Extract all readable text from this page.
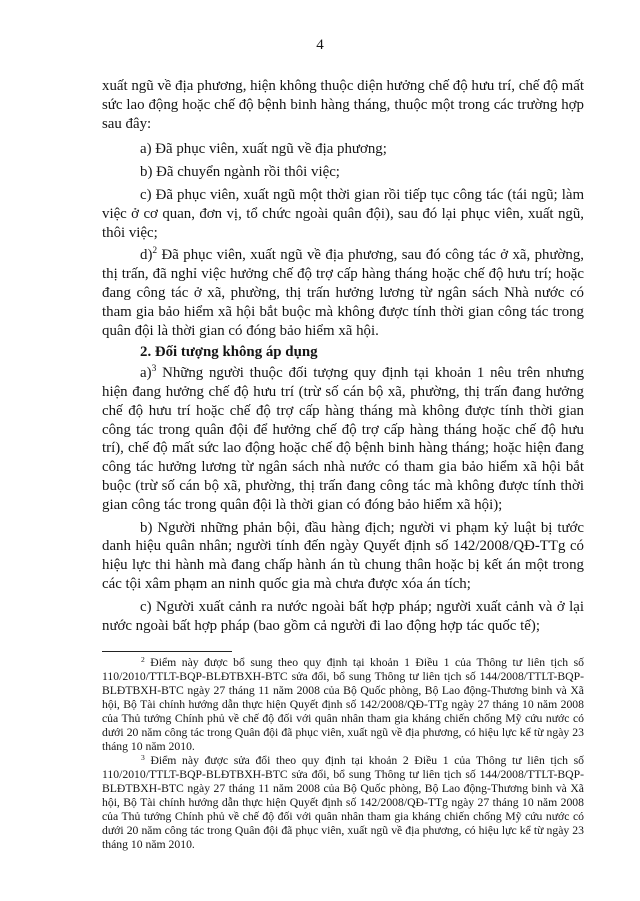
4

xuất ngũ về địa phương, hiện không thuộc diện hưởng chế độ hưu trí, chế độ mất sức lao động hoặc chế độ bệnh binh hàng tháng, thuộc một trong các trường hợp sau đây:

a) Đã phục viên, xuất ngũ về địa phương;

b) Đã chuyển ngành rồi thôi việc;

c) Đã phục viên, xuất ngũ một thời gian rồi tiếp tục công tác (tái ngũ; làm việc ở cơ quan, đơn vị, tổ chức ngoài quân đội), sau đó lại phục viên, xuất ngũ, thôi việc;

d)$^2$ Đã phục viên, xuất ngũ về địa phương, sau đó công tác ở xã, phường, thị trấn, đã nghỉ việc hưởng chế độ trợ cấp hàng tháng hoặc chế độ hưu trí; hoặc đang công tác ở xã, phường, thị trấn hưởng lương từ ngân sách Nhà nước có tham gia bảo hiểm xã hội bắt buộc mà không được tính thời gian công tác trong quân đội là thời gian có đóng bảo hiểm xã hội.

2. Đối tượng không áp dụng

a)$^3$ Những người thuộc đối tượng quy định tại khoản 1 nêu trên nhưng hiện đang hưởng chế độ hưu trí (trừ số cán bộ xã, phường, thị trấn đang hưởng chế độ hưu trí hoặc chế độ trợ cấp hàng tháng mà không được tính thời gian công tác trong quân đội để hưởng chế độ trợ cấp hàng tháng hoặc chế độ hưu trí), chế độ mất sức lao động hoặc chế độ bệnh binh hàng tháng; hoặc hiện đang công tác hưởng lương từ ngân sách nhà nước có tham gia bảo hiểm xã hội bắt buộc (trừ số cán bộ xã, phường, thị trấn đang công tác mà không được tính thời gian công tác trong quân đội là thời gian có đóng bảo hiểm xã hội);

b) Người những phản bội, đầu hàng địch; người vi phạm kỷ luật bị tước danh hiệu quân nhân; người tính đến ngày Quyết định số 142/2008/QĐ-TTg có hiệu lực thi hành mà đang chấp hành án tù chung thân hoặc bị kết án một trong các tội xâm phạm an ninh quốc gia mà chưa được xóa án tích;

c) Người xuất cảnh ra nước ngoài bất hợp pháp; người xuất cảnh và ở lại nước ngoài bất hợp pháp (bao gồm cả người đi lao động hợp tác quốc tế);

$^2$ Điểm này được bổ sung theo quy định tại khoản 1 Điều 1 của Thông tư liên tịch số 110/2010/TTLT-BQP-BLĐTBXH-BTC sửa đổi, bổ sung Thông tư liên tịch số 144/2008/TTLT-BQP-BLĐTBXH-BTC ngày 27 tháng 11 năm 2008 của Bộ Quốc phòng, Bộ Lao động-Thương binh và Xã hội, Bộ Tài chính hướng dẫn thực hiện Quyết định số 142/2008/QĐ-TTg ngày 27 tháng 10 năm 2008 của Thủ tướng Chính phủ về chế độ đối với quân nhân tham gia kháng chiến chống Mỹ cứu nước có dưới 20 năm công tác trong Quân đội đã phục viên, xuất ngũ về địa phương, có hiệu lực kể từ ngày 23 tháng 10 năm 2010.

$^3$ Điểm này được sửa đổi theo quy định tại khoản 2 Điều 1 của Thông tư liên tịch số 110/2010/TTLT-BQP-BLĐTBXH-BTC sửa đổi, bổ sung Thông tư liên tịch số 144/2008/TTLT-BQP-BLĐTBXH-BTC ngày 27 tháng 11 năm 2008 của Bộ Quốc phòng, Bộ Lao động-Thương binh và Xã hội, Bộ Tài chính hướng dẫn thực hiện Quyết định số 142/2008/QĐ-TTg ngày 27 tháng 10 năm 2008 của Thủ tướng Chính phủ về chế độ đối với quân nhân tham gia kháng chiến chống Mỹ cứu nước có dưới 20 năm công tác trong Quân đội đã phục viên, xuất ngũ về địa phương, có hiệu lực kể từ ngày 23 tháng 10 năm 2010.
